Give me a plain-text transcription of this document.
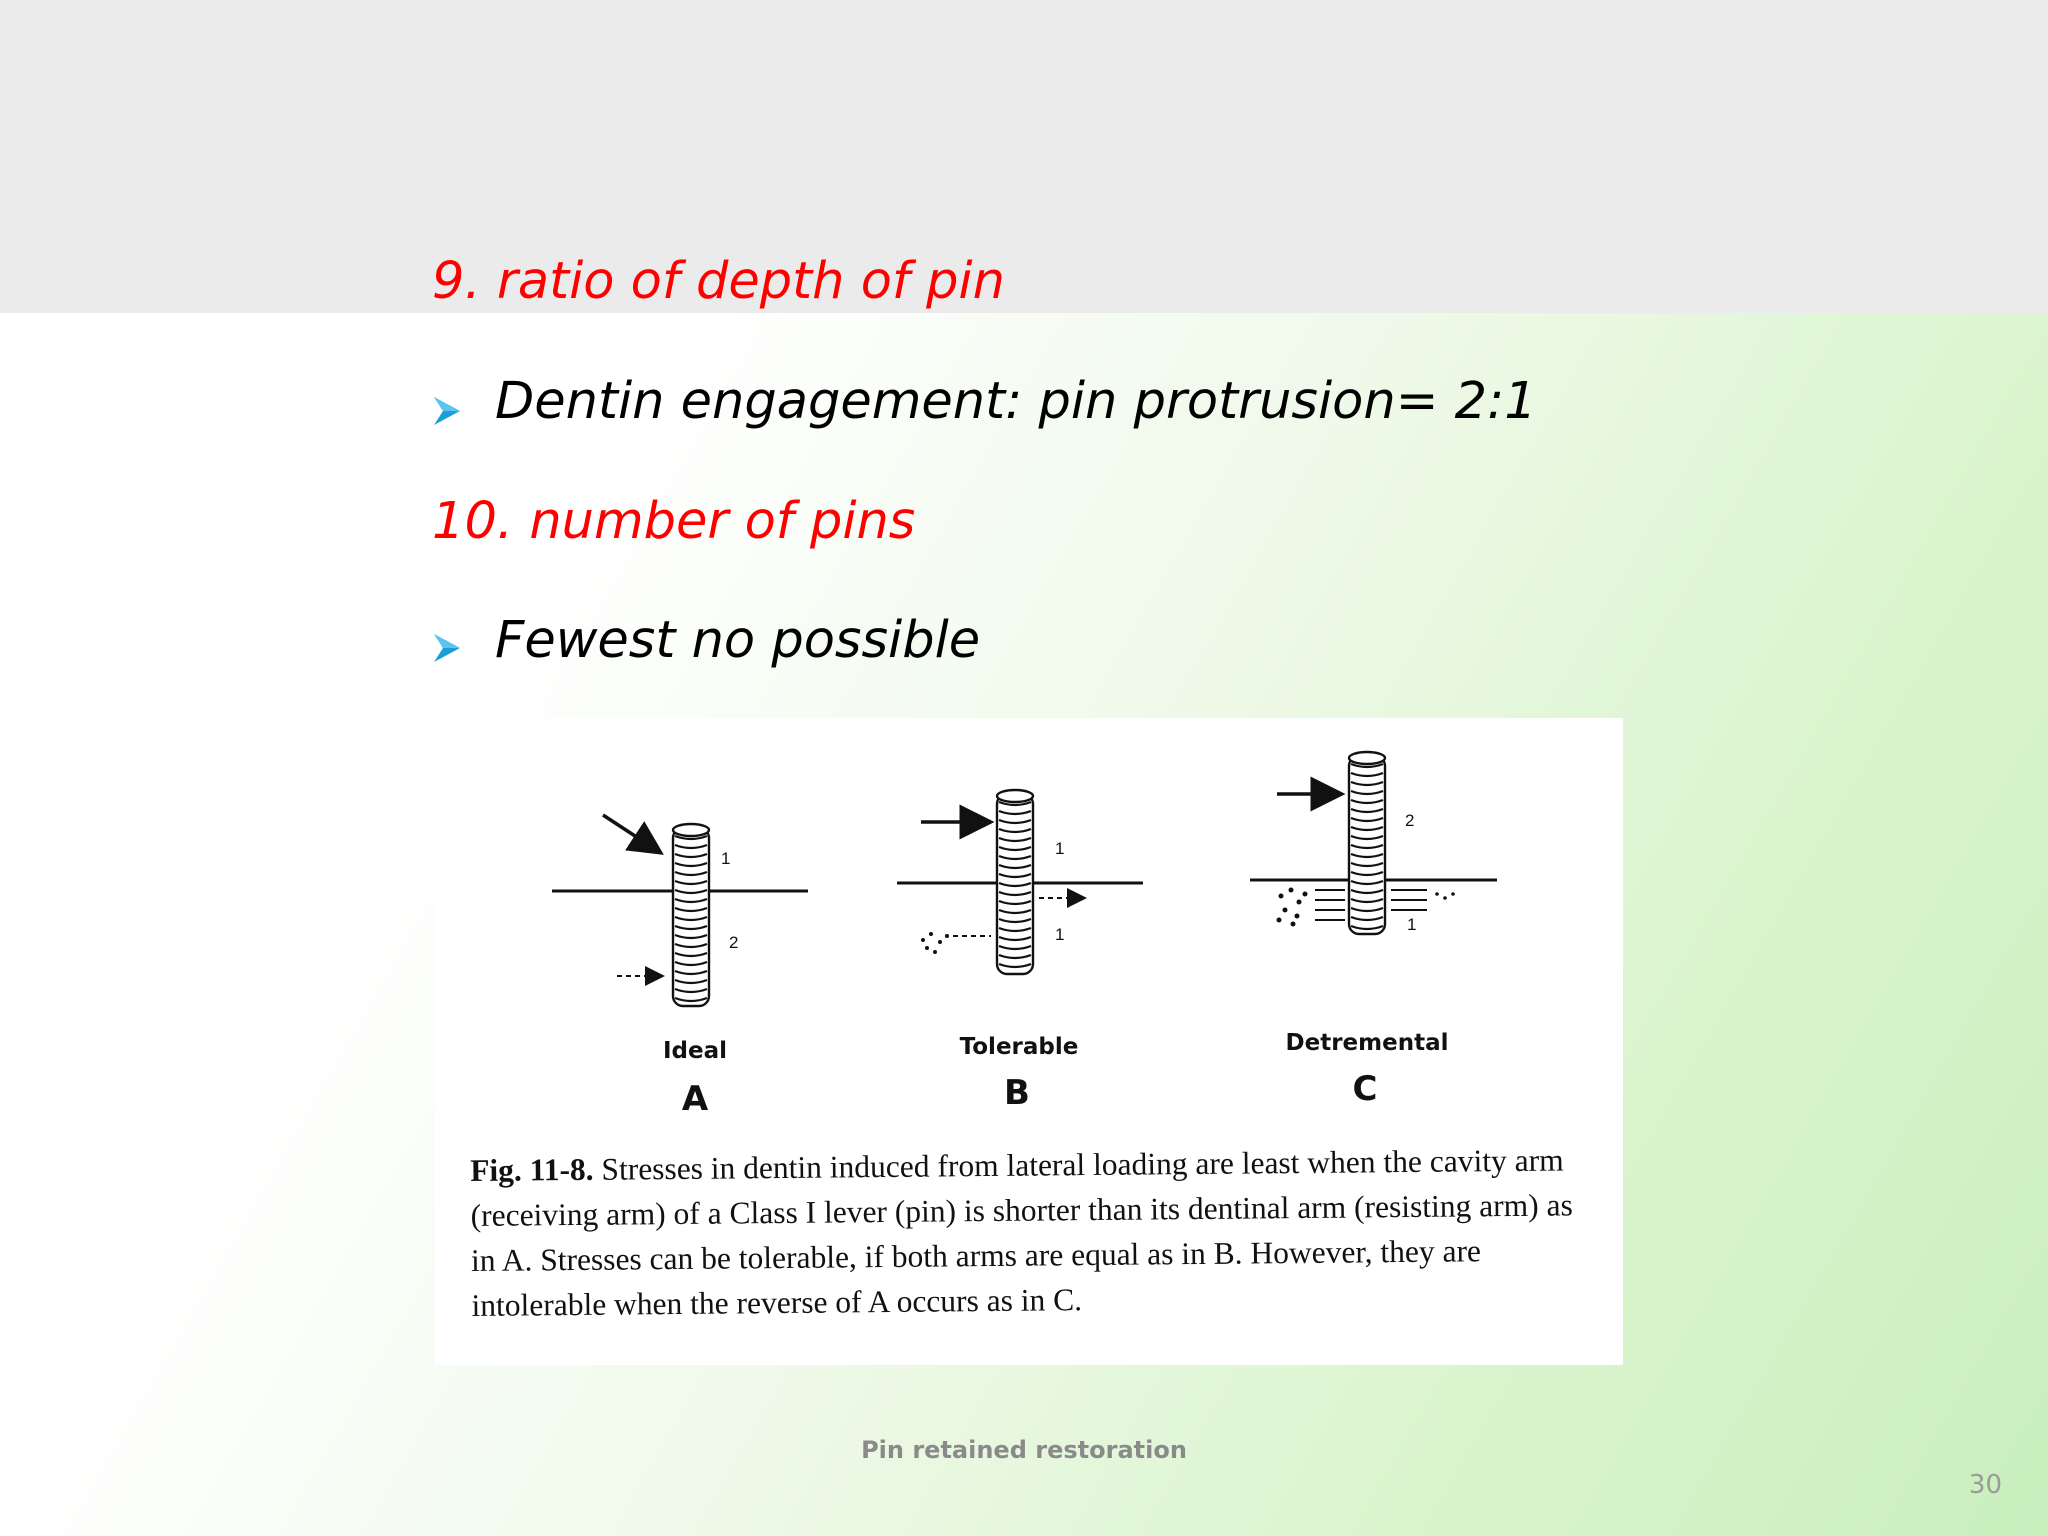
9. ratio of depth of pin
Dentin engagement: pin protrusion= 2:1
10. number of pins
Fewest no possible
1
2
Ideal
A
1
1
Tolerable
B
2
1
Detremental
C
Fig. 11-8. Stresses in dentin induced from lateral loading are least when the cavity arm (receiving arm) of a Class I lever (pin) is shorter than its dentinal arm (resisting arm) as in A. Stresses can be tolerable, if both arms are equal as in B. However, they are intolerable when the reverse of A occurs as in C.
Pin retained restoration
30
